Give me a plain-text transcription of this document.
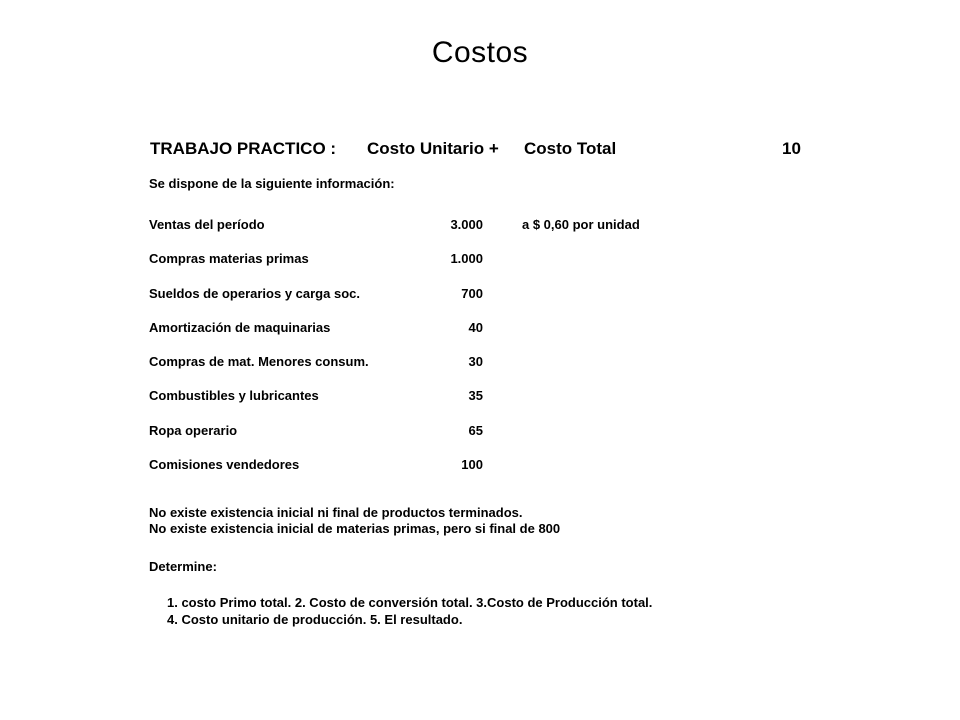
Costos
TRABAJO PRACTICO : Costo Unitario + Costo Total	10
Se dispone de la siguiente información:
Ventas del período	3.000	a $ 0,60 por unidad
Compras materias primas	1.000
Sueldos de operarios y carga soc.	700
Amortización de maquinarias	40
Compras de mat. Menores consum.	30
Combustibles y lubricantes	35
Ropa operario	65
Comisiones vendedores	100
No existe existencia inicial ni final de productos terminados.
No existe existencia inicial de materias primas, pero si final de 800
Determine:
1. costo Primo total. 2. Costo de conversión total. 3.Costo de Producción total.
4. Costo unitario de producción. 5. El resultado.
